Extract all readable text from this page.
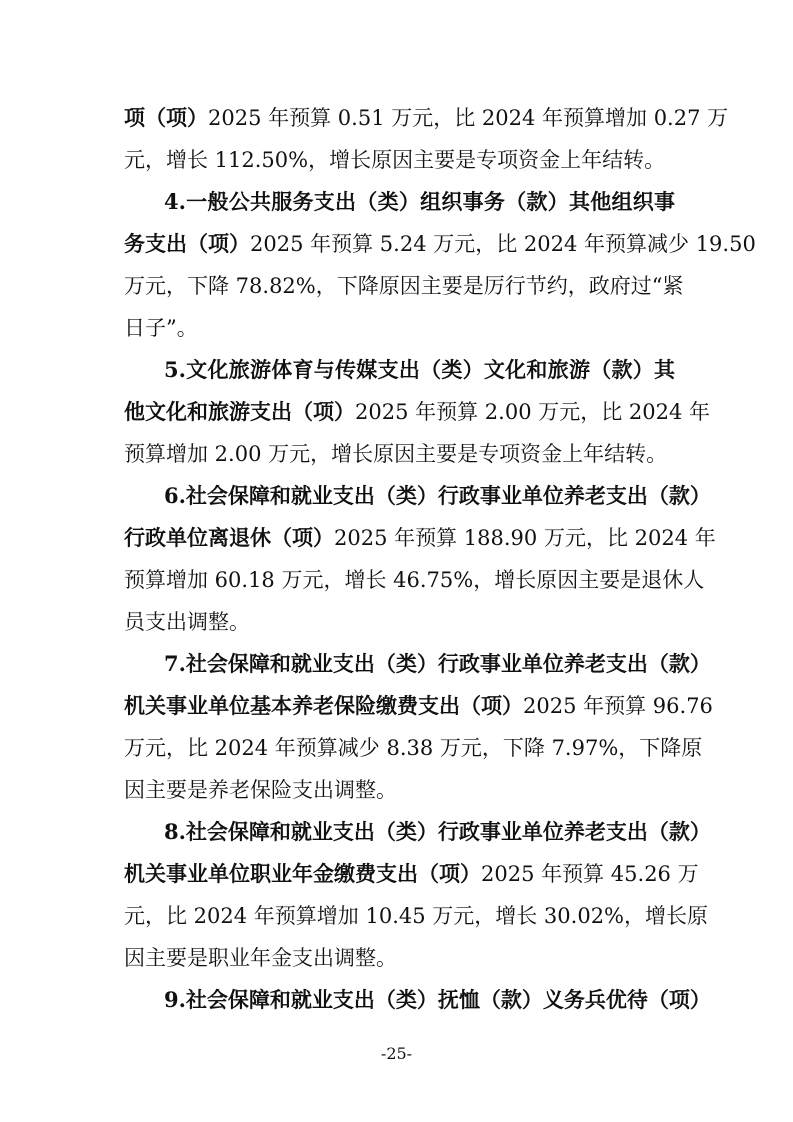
项（项）2025 年预算 0.51 万元，比 2024 年预算增加 0.27 万
元，增长 112.50%，增长原因主要是专项资金上年结转。
4.一般公共服务支出（类）组织事务（款）其他组织事
务支出（项）2025 年预算 5.24 万元，比 2024 年预算减少 19.50
万元，下降 78.82%，下降原因主要是厉行节约，政府过“紧
日子”。
5.文化旅游体育与传媒支出（类）文化和旅游（款）其
他文化和旅游支出（项）2025 年预算 2.00 万元，比 2024 年
预算增加 2.00 万元，增长原因主要是专项资金上年结转。
6.社会保障和就业支出（类）行政事业单位养老支出（款）
行政单位离退休（项）2025 年预算 188.90 万元，比 2024 年
预算增加 60.18 万元，增长 46.75%，增长原因主要是退休人
员支出调整。
7.社会保障和就业支出（类）行政事业单位养老支出（款）
机关事业单位基本养老保险缴费支出（项）2025 年预算 96.76
万元，比 2024 年预算减少 8.38 万元，下降 7.97%，下降原
因主要是养老保险支出调整。
8.社会保障和就业支出（类）行政事业单位养老支出（款）
机关事业单位职业年金缴费支出（项）2025 年预算 45.26 万
元，比 2024 年预算增加 10.45 万元，增长 30.02%，增长原
因主要是职业年金支出调整。
9.社会保障和就业支出（类）抚恤（款）义务兵优待（项）
-25-
